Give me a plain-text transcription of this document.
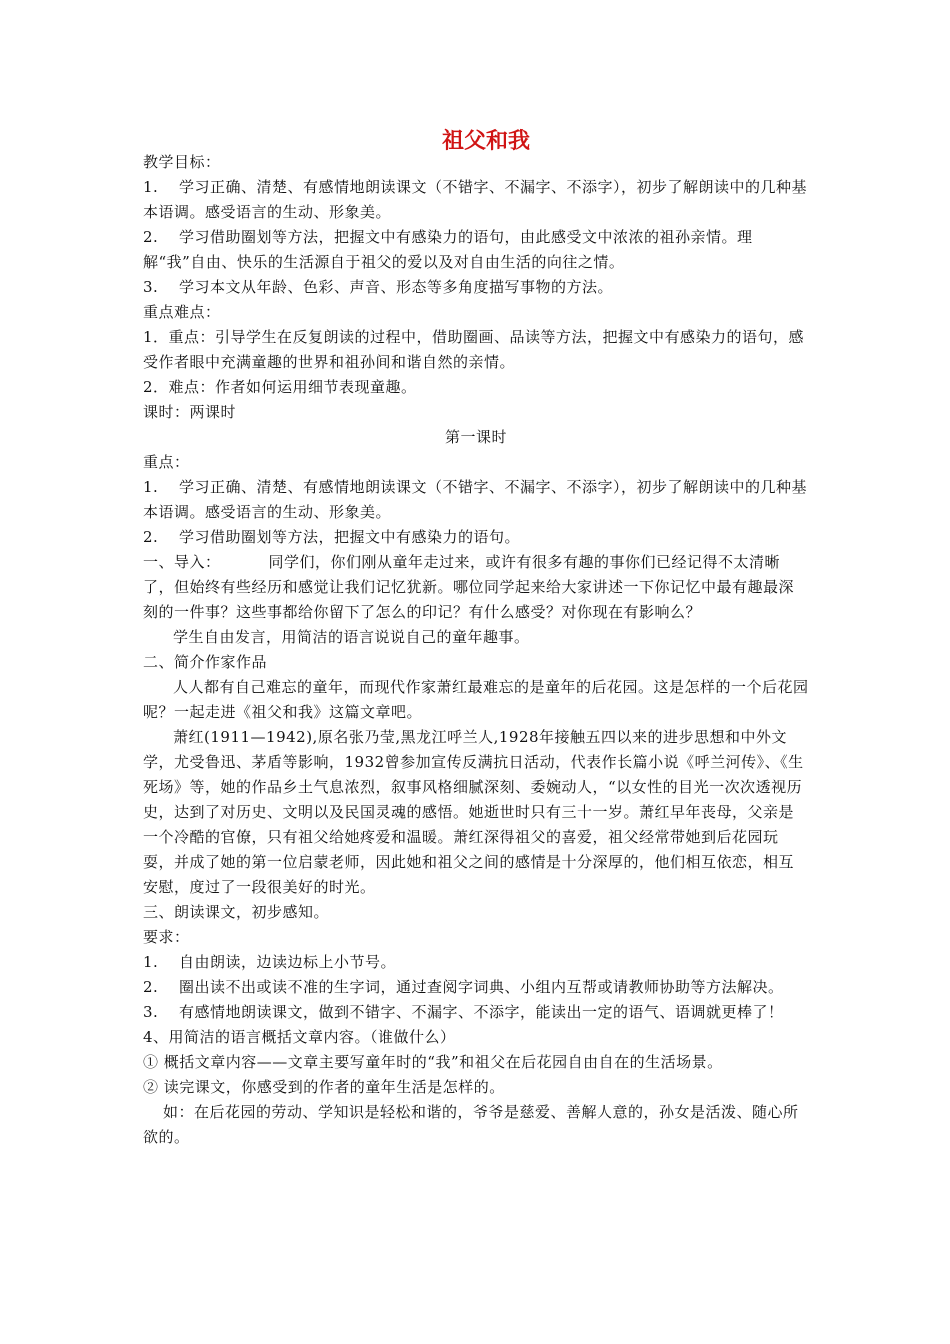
祖父和我

教学目标：

1. 学习正确、清楚、有感情地朗读课文（不错字、不漏字、不添字），初步了解朗读中的几种基本语调。感受语言的生动、形象美。

2. 学习借助圈划等方法，把握文中有感染力的语句，由此感受文中浓浓的祖孙亲情。理解“我”自由、快乐的生活源自于祖父的爱以及对自由生活的向往之情。

3. 学习本文从年龄、色彩、声音、形态等多角度描写事物的方法。

重点难点：

1．重点：引导学生在反复朗读的过程中，借助圈画、品读等方法，把握文中有感染力的语句，感受作者眼中充满童趣的世界和祖孙间和谐自然的亲情。

2．难点：作者如何运用细节表现童趣。

课时：两课时

第一课时

重点：

1. 学习正确、清楚、有感情地朗读课文（不错字、不漏字、不添字），初步了解朗读中的几种基本语调。感受语言的生动、形象美。

2. 学习借助圈划等方法，把握文中有感染力的语句。

一、导入：	同学们，你们刚从童年走过来，或许有很多有趣的事你们已经记得不太清晰了，但始终有些经历和感觉让我们记忆犹新。哪位同学起来给大家讲述一下你记忆中最有趣最深刻的一件事？这些事都给你留下了怎么的印记？有什么感受？对你现在有影响么？

学生自由发言，用简洁的语言说说自己的童年趣事。

二、简介作家作品

人人都有自己难忘的童年，而现代作家萧红最难忘的是童年的后花园。这是怎样的一个后花园呢？一起走进《祖父和我》这篇文章吧。

萧红(1911—1942),原名张乃莹,黑龙江呼兰人,1928年接触五四以来的进步思想和中外文学，尤受鲁迅、茅盾等影响，1932曾参加宣传反满抗日活动，代表作长篇小说《呼兰河传》、《生死场》等，她的作品乡土气息浓烈，叙事风格细腻深刻、委婉动人，“以女性的目光一次次透视历史，达到了对历史、文明以及民国灵魂的感悟。她逝世时只有三十一岁。萧红早年丧母，父亲是一个冷酷的官僚，只有祖父给她疼爱和温暖。萧红深得祖父的喜爱，祖父经常带她到后花园玩耍，并成了她的第一位启蒙老师，因此她和祖父之间的感情是十分深厚的，他们相互依恋，相互安慰，度过了一段很美好的时光。

三、朗读课文，初步感知。

要求：

1. 自由朗读，边读边标上小节号。

2. 圈出读不出或读不准的生字词，通过查阅字词典、小组内互帮或请教师协助等方法解决。

3. 有感情地朗读课文，做到不错字、不漏字、不添字，能读出一定的语气、语调就更棒了！

4、用简洁的语言概括文章内容。（谁做什么）

① 概括文章内容——文章主要写童年时的“我”和祖父在后花园自由自在的生活场景。

② 读完课文，你感受到的作者的童年生活是怎样的。

如：在后花园的劳动、学知识是轻松和谐的，爷爷是慈爱、善解人意的，孙女是活泼、随心所欲的。
